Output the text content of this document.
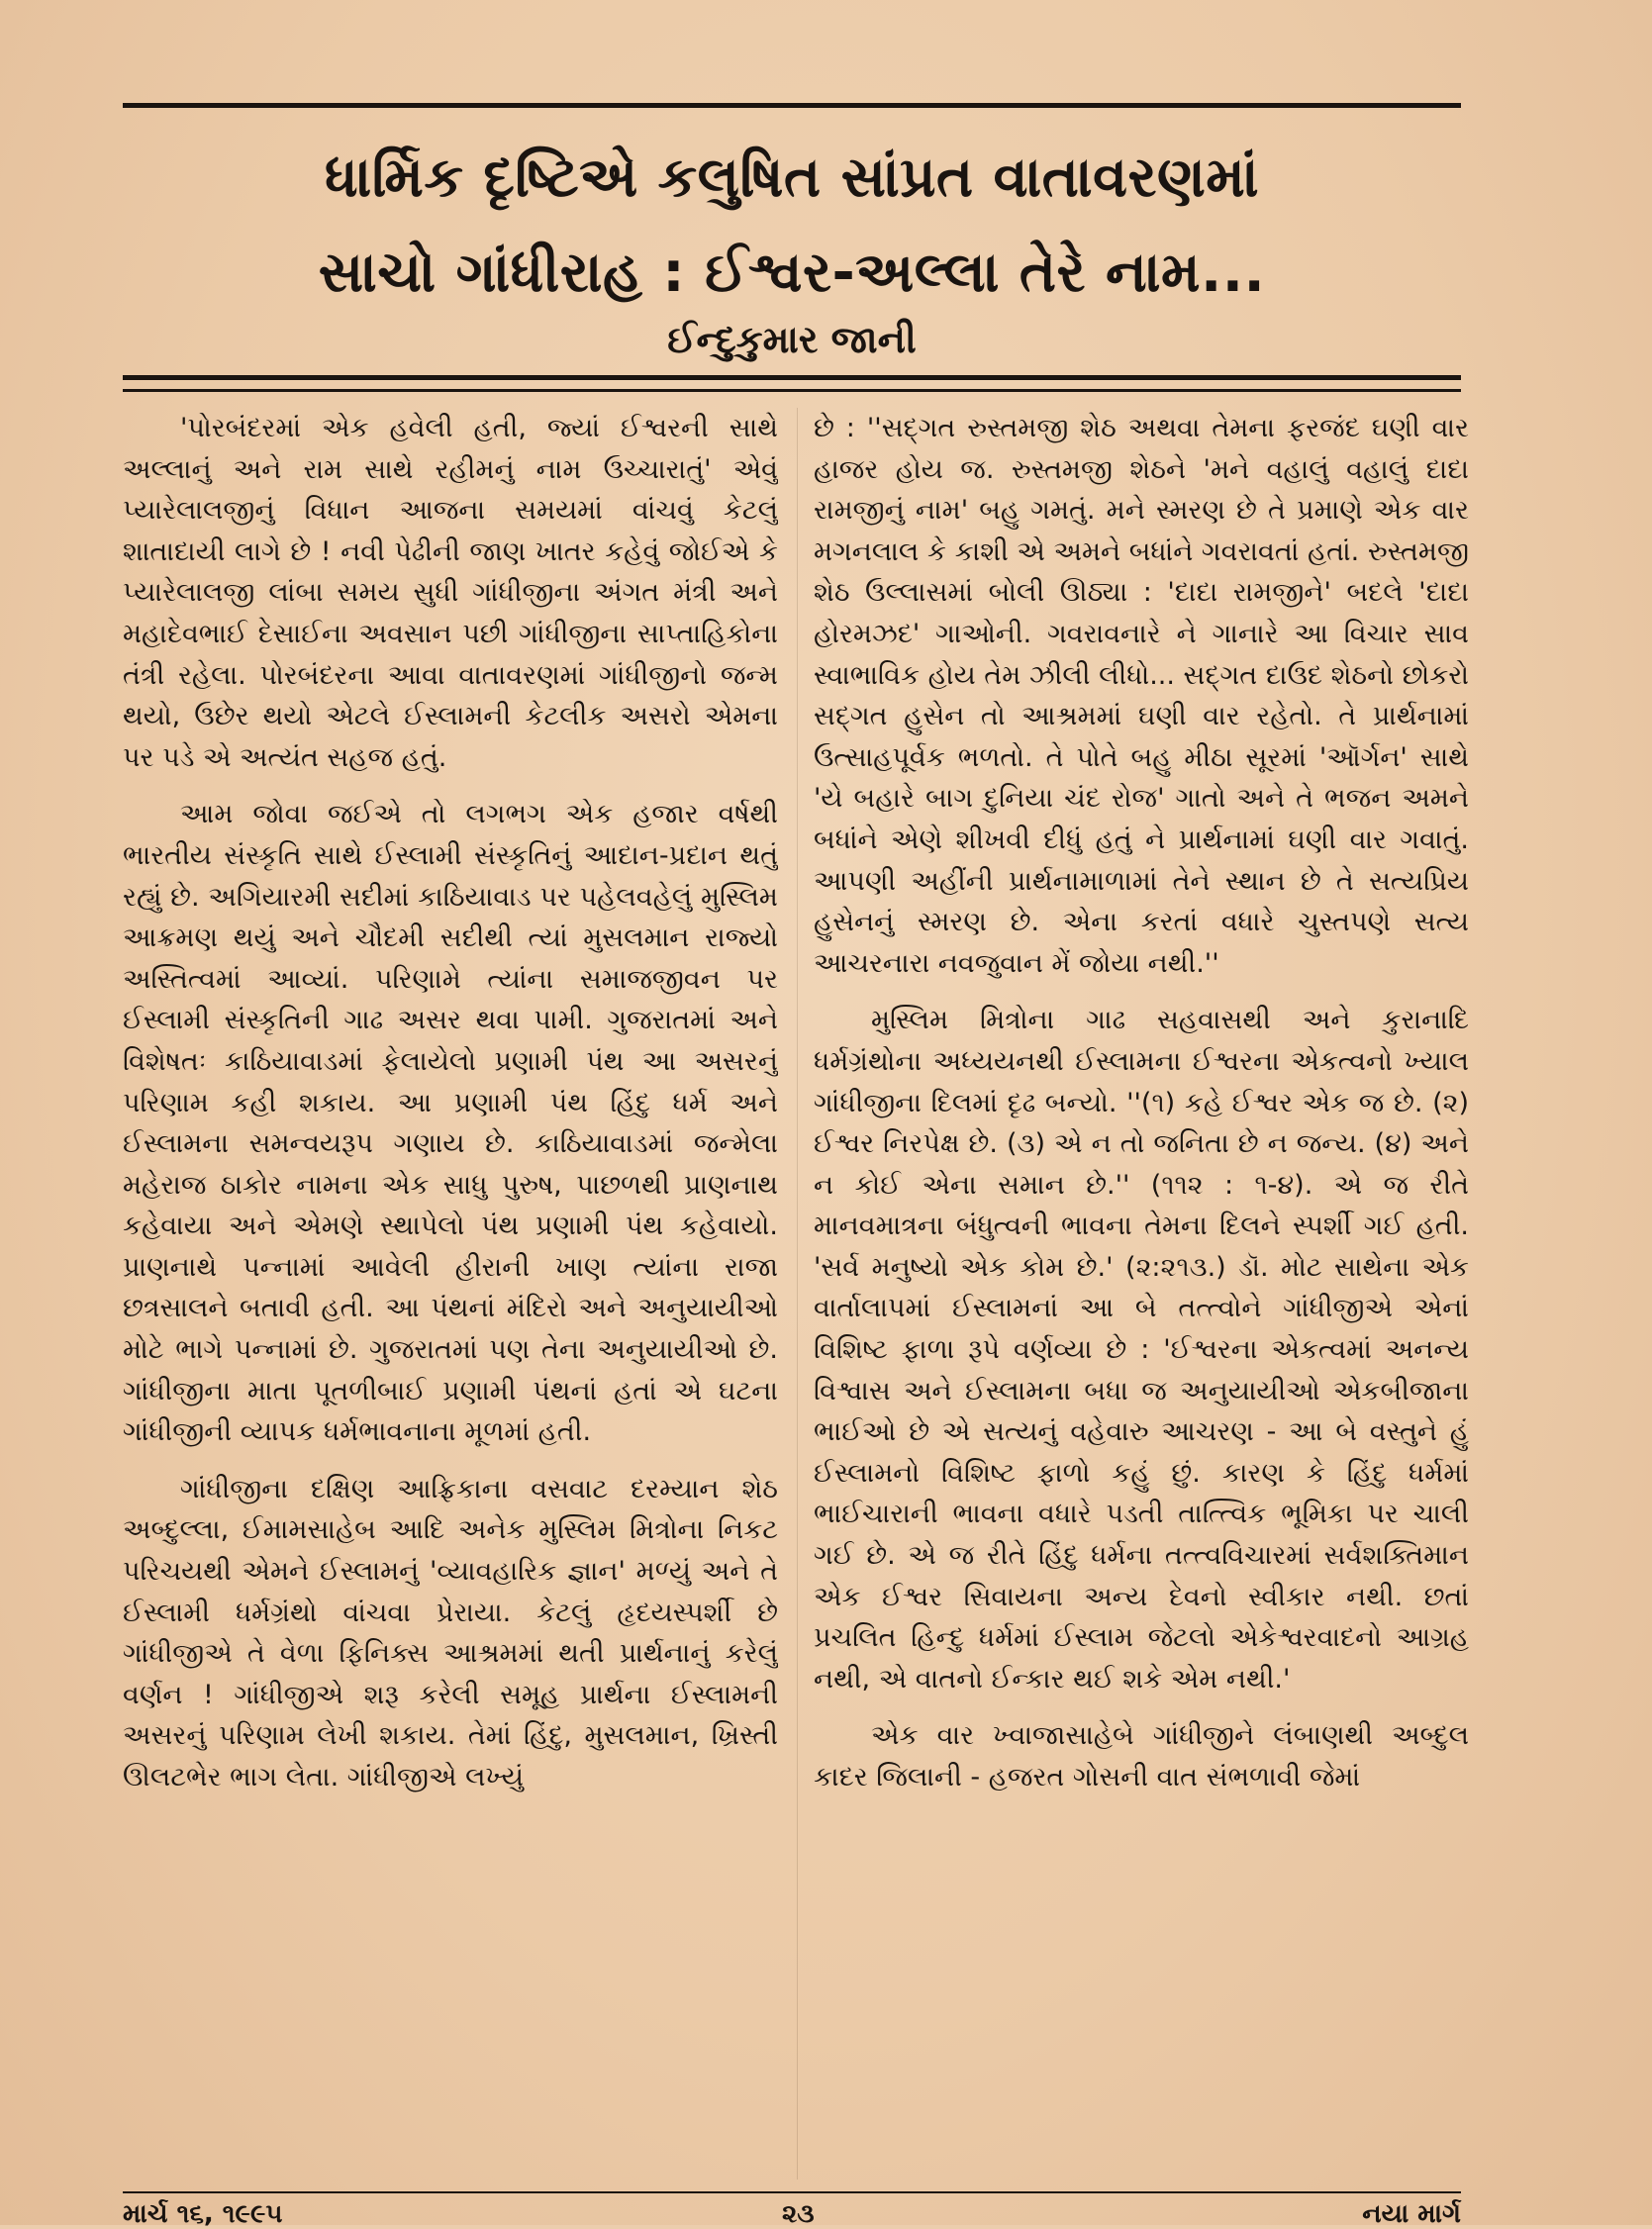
ધાર્મિક દૃષ્ટિએ કલુષિત સાંપ્રત વાતાવરણમાં
સાચો ગાંધીરાહ : ઈશ્વર-અલ્લા તેરે નામ...
ઈન્દુકુમાર જાની

'પોરબંદરમાં એક હવેલી હતી, જ્યાં ઈશ્વરની સાથે અલ્લાનું અને રામ સાથે રહીમનું નામ ઉચ્ચારાતું' એવું પ્યારેલાલજીનું વિધાન આજના સમયમાં વાંચવું કેટલું શાતાદાયી લાગે છે ! નવી પેઢીની જાણ ખાતર કહેવું જોઈએ કે પ્યારેલાલજી લાંબા સમય સુધી ગાંધીજીના અંગત મંત્રી અને મહાદેવભાઈ દેસાઈના અવસાન પછી ગાંધીજીના સાપ્તાહિકોના તંત્રી રહેલા. પોરબંદરના આવા વાતાવરણમાં ગાંધીજીનો જન્મ થયો, ઉછેર થયો એટલે ઈસ્લામની કેટલીક અસરો એમના પર પડે એ અત્યંત સહજ હતું.

આમ જોવા જઈએ તો લગભગ એક હજાર વર્ષથી ભારતીય સંસ્કૃતિ સાથે ઈસ્લામી સંસ્કૃતિનું આદાન-પ્રદાન થતું રહ્યું છે. અગિયારમી સદીમાં કાઠિયાવાડ પર પહેલવહેલું મુસ્લિમ આક્રમણ થયું અને ચૌદમી સદીથી ત્યાં મુસલમાન રાજ્યો અસ્તિત્વમાં આવ્યાં. પરિણામે ત્યાંના સમાજજીવન પર ઈસ્લામી સંસ્કૃતિની ગાઢ અસર થવા પામી. ગુજરાતમાં અને વિશેષતઃ કાઠિયાવાડમાં ફેલાયેલો પ્રણામી પંથ આ અસરનું પરિણામ કહી શકાય. આ પ્રણામી પંથ હિંદુ ધર્મ અને ઈસ્લામના સમન્વયરૂપ ગણાય છે. કાઠિયાવાડમાં જન્મેલા મહેરાજ ઠાકોર નામના એક સાધુ પુરુષ, પાછળથી પ્રાણનાથ કહેવાયા અને એમણે સ્થાપેલો પંથ પ્રણામી પંથ કહેવાયો. પ્રાણનાથે પન્નામાં આવેલી હીરાની ખાણ ત્યાંના રાજા છત્રસાલને બતાવી હતી. આ પંથનાં મંદિરો અને અનુયાયીઓ મોટે ભાગે પન્નામાં છે. ગુજરાતમાં પણ તેના અનુયાયીઓ છે. ગાંધીજીના માતા પૂતળીબાઈ પ્રણામી પંથનાં હતાં એ ઘટના ગાંધીજીની વ્યાપક ધર્મભાવનાના મૂળમાં હતી.

ગાંધીજીના દક્ષિણ આફ્રિકાના વસવાટ દરમ્યાન શેઠ અબ્દુલ્લા, ઈમામસાહેબ આદિ અનેક મુસ્લિમ મિત્રોના નિકટ પરિચયથી એમને ઈસ્લામનું 'વ્યાવહારિક જ્ઞાન' મળ્યું અને તે ઈસ્લામી ધર્મગ્રંથો વાંચવા પ્રેરાયા. કેટલું હૃદયસ્પર્શી છે ગાંધીજીએ તે વેળા ફિનિક્સ આશ્રમમાં થતી પ્રાર્થનાનું કરેલું વર્ણન ! ગાંધીજીએ શરૂ કરેલી સમૂહ પ્રાર્થના ઈસ્લામની અસરનું પરિણામ લેખી શકાય. તેમાં હિંદુ, મુસલમાન, ખ્રિસ્તી ઊલટભેર ભાગ લેતા. ગાંધીજીએ લખ્યું

છે : ''સદ્ગત રુસ્તમજી શેઠ અથવા તેમના ફરજંદ ઘણી વાર હાજર હોય જ. રુસ્તમજી શેઠને 'મને વહાલું વહાલું દાદા રામજીનું નામ' બહુ ગમતું. મને સ્મરણ છે તે પ્રમાણે એક વાર મગનલાલ કે કાશી એ અમને બધાંને ગવરાવતાં હતાં. રુસ્તમજી શેઠ ઉલ્લાસમાં બોલી ઊઠ્યા : 'દાદા રામજીને' બદલે 'દાદા હોરમઝદ' ગાઓની. ગવરાવનારે ને ગાનારે આ વિચાર સાવ સ્વાભાવિક હોય તેમ ઝીલી લીધો... સદ્ગત દાઉદ શેઠનો છોકરો સદ્ગત હુસેન તો આશ્રમમાં ઘણી વાર રહેતો. તે પ્રાર્થનામાં ઉત્સાહપૂર્વક ભળતો. તે પોતે બહુ મીઠા સૂરમાં 'ઑર્ગન' સાથે 'યે બહારે બાગ દુનિયા ચંદ રોજ' ગાતો અને તે ભજન અમને બધાંને એણે શીખવી દીધું હતું ને પ્રાર્થનામાં ઘણી વાર ગવાતું. આપણી અહીંની પ્રાર્થનામાળામાં તેને સ્થાન છે તે સત્યપ્રિય હુસેનનું સ્મરણ છે. એના કરતાં વધારે ચુસ્તપણે સત્ય આચરનારા નવજુવાન મેં જોયા નથી.''

મુસ્લિમ મિત્રોના ગાઢ સહવાસથી અને કુરાનાદિ ધર્મગ્રંથોના અધ્યયનથી ઈસ્લામના ઈશ્વરના એકત્વનો ખ્યાલ ગાંધીજીના દિલમાં દૃઢ બન્યો. ''(૧) કહે ઈશ્વર એક જ છે. (૨) ઈશ્વર નિરપેક્ષ છે. (૩) એ ન તો જનિતા છે ન જન્ય. (૪) અને ન કોઈ એના સમાન છે.'' (૧૧૨ : ૧-૪). એ જ રીતે માનવમાત્રના બંધુત્વની ભાવના તેમના દિલને સ્પર્શી ગઈ હતી. 'સર્વ મનુષ્યો એક કોમ છે.' (૨:૨૧૩.) ડૉ. મોટ સાથેના એક વાર્તાલાપમાં ઈસ્લામનાં આ બે તત્ત્વોને ગાંધીજીએ એનાં વિશિષ્ટ ફાળા રૂપે વર્ણવ્યા છે : 'ઈશ્વરના એકત્વમાં અનન્ય વિશ્વાસ અને ઈસ્લામના બધા જ અનુયાયીઓ એકબીજાના ભાઈઓ છે એ સત્યનું વહેવારુ આચરણ - આ બે વસ્તુને હું ઈસ્લામનો વિશિષ્ટ ફાળો કહું છું. કારણ કે હિંદુ ધર્મમાં ભાઈચારાની ભાવના વધારે પડતી તાત્ત્વિક ભૂમિકા પર ચાલી ગઈ છે. એ જ રીતે હિંદુ ધર્મના તત્ત્વવિચારમાં સર્વશક્તિમાન એક ઈશ્વર સિવાયના અન્ય દેવનો સ્વીકાર નથી. છતાં પ્રચલિત હિન્દુ ધર્મમાં ઈસ્લામ જેટલો એકેશ્વરવાદનો આગ્રહ નથી, એ વાતનો ઈન્કાર થઈ શકે એમ નથી.'

એક વાર ખ્વાજાસાહેબે ગાંધીજીને લંબાણથી અબ્દુલ કાદર જિલાની - હજરત ગોસની વાત સંભળાવી જેમાં

માર્ચ ૧૬, ૧૯૯૫	૨૩	નયા માર્ગ
